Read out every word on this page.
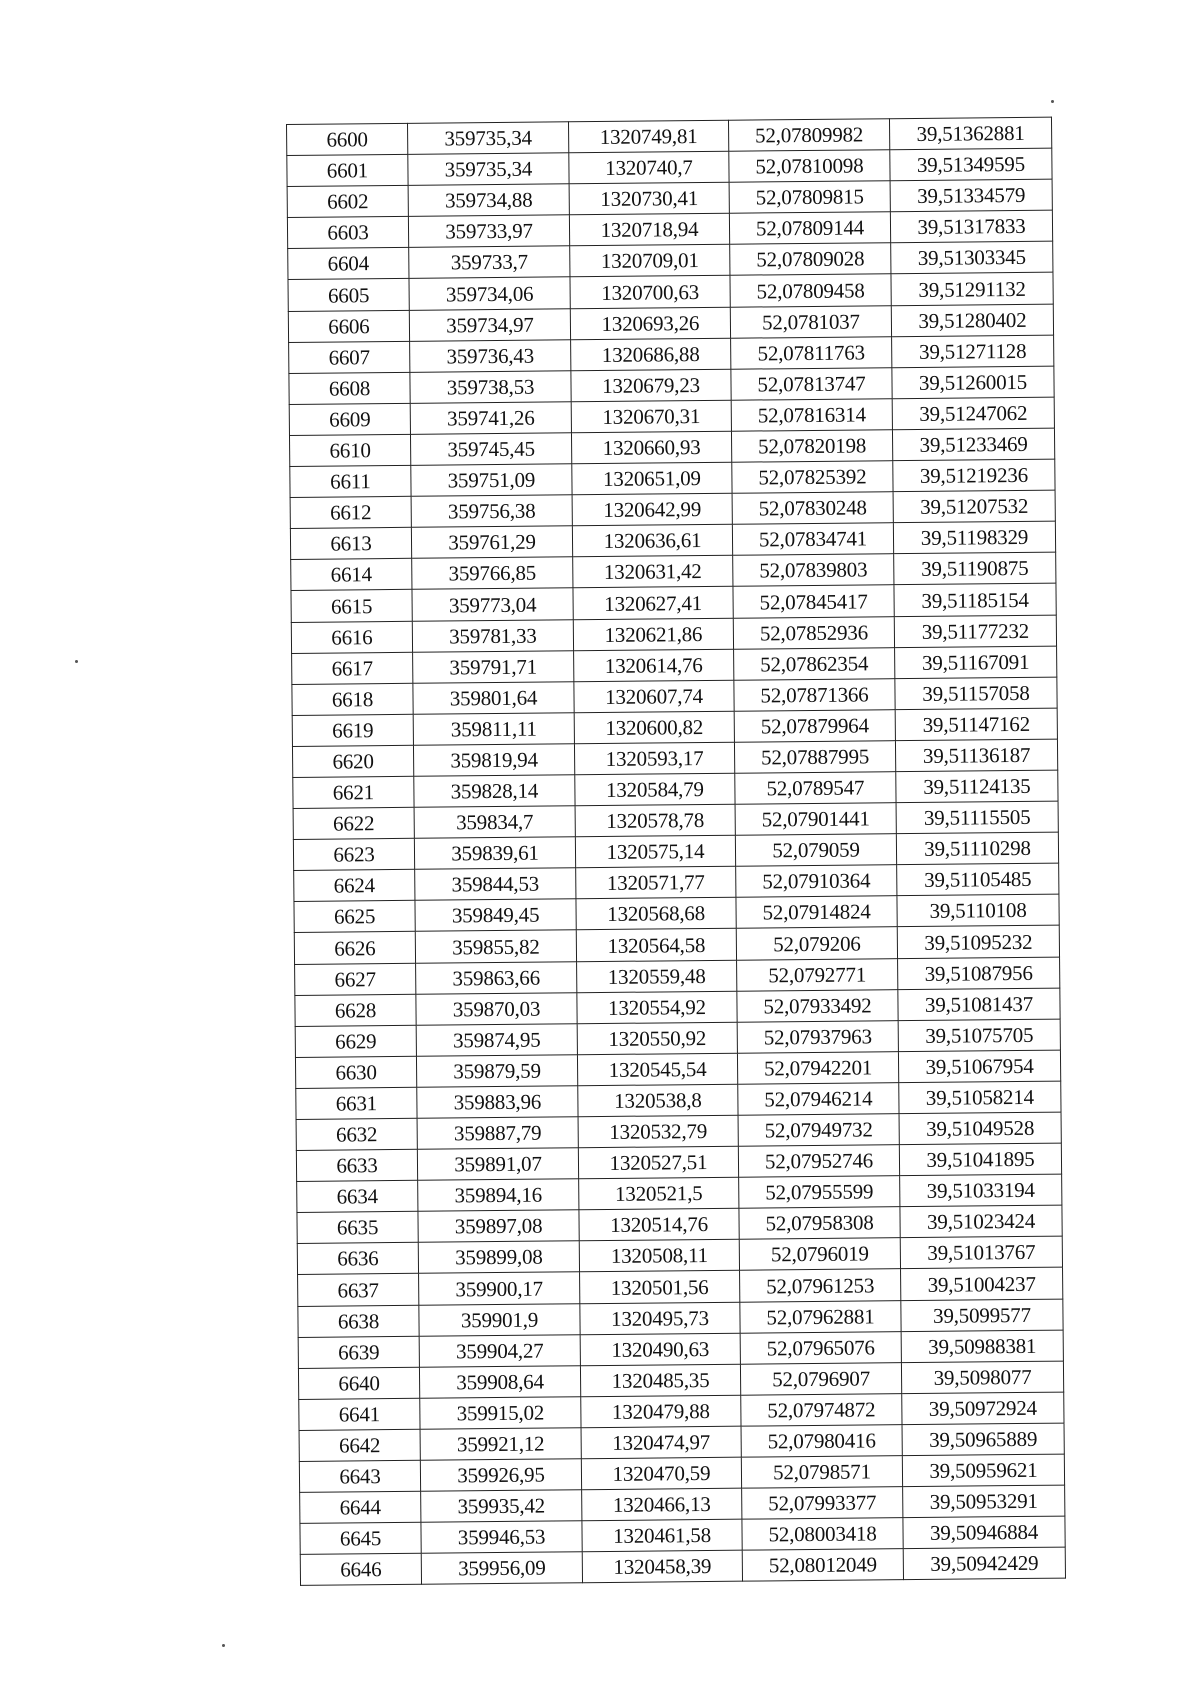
6600	359735,34	1320749,81	52,07809982	39,51362881
6601	359735,34	1320740,7	52,07810098	39,51349595
6602	359734,88	1320730,41	52,07809815	39,51334579
6603	359733,97	1320718,94	52,07809144	39,51317833
6604	359733,7	1320709,01	52,07809028	39,51303345
6605	359734,06	1320700,63	52,07809458	39,51291132
6606	359734,97	1320693,26	52,0781037	39,51280402
6607	359736,43	1320686,88	52,07811763	39,51271128
6608	359738,53	1320679,23	52,07813747	39,51260015
6609	359741,26	1320670,31	52,07816314	39,51247062
6610	359745,45	1320660,93	52,07820198	39,51233469
6611	359751,09	1320651,09	52,07825392	39,51219236
6612	359756,38	1320642,99	52,07830248	39,51207532
6613	359761,29	1320636,61	52,07834741	39,51198329
6614	359766,85	1320631,42	52,07839803	39,51190875
6615	359773,04	1320627,41	52,07845417	39,51185154
6616	359781,33	1320621,86	52,07852936	39,51177232
6617	359791,71	1320614,76	52,07862354	39,51167091
6618	359801,64	1320607,74	52,07871366	39,51157058
6619	359811,11	1320600,82	52,07879964	39,51147162
6620	359819,94	1320593,17	52,07887995	39,51136187
6621	359828,14	1320584,79	52,0789547	39,51124135
6622	359834,7	1320578,78	52,07901441	39,51115505
6623	359839,61	1320575,14	52,079059	39,51110298
6624	359844,53	1320571,77	52,07910364	39,51105485
6625	359849,45	1320568,68	52,07914824	39,5110108
6626	359855,82	1320564,58	52,079206	39,51095232
6627	359863,66	1320559,48	52,0792771	39,51087956
6628	359870,03	1320554,92	52,07933492	39,51081437
6629	359874,95	1320550,92	52,07937963	39,51075705
6630	359879,59	1320545,54	52,07942201	39,51067954
6631	359883,96	1320538,8	52,07946214	39,51058214
6632	359887,79	1320532,79	52,07949732	39,51049528
6633	359891,07	1320527,51	52,07952746	39,51041895
6634	359894,16	1320521,5	52,07955599	39,51033194
6635	359897,08	1320514,76	52,07958308	39,51023424
6636	359899,08	1320508,11	52,0796019	39,51013767
6637	359900,17	1320501,56	52,07961253	39,51004237
6638	359901,9	1320495,73	52,07962881	39,5099577
6639	359904,27	1320490,63	52,07965076	39,50988381
6640	359908,64	1320485,35	52,0796907	39,5098077
6641	359915,02	1320479,88	52,07974872	39,50972924
6642	359921,12	1320474,97	52,07980416	39,50965889
6643	359926,95	1320470,59	52,0798571	39,50959621
6644	359935,42	1320466,13	52,07993377	39,50953291
6645	359946,53	1320461,58	52,08003418	39,50946884
6646	359956,09	1320458,39	52,08012049	39,50942429
